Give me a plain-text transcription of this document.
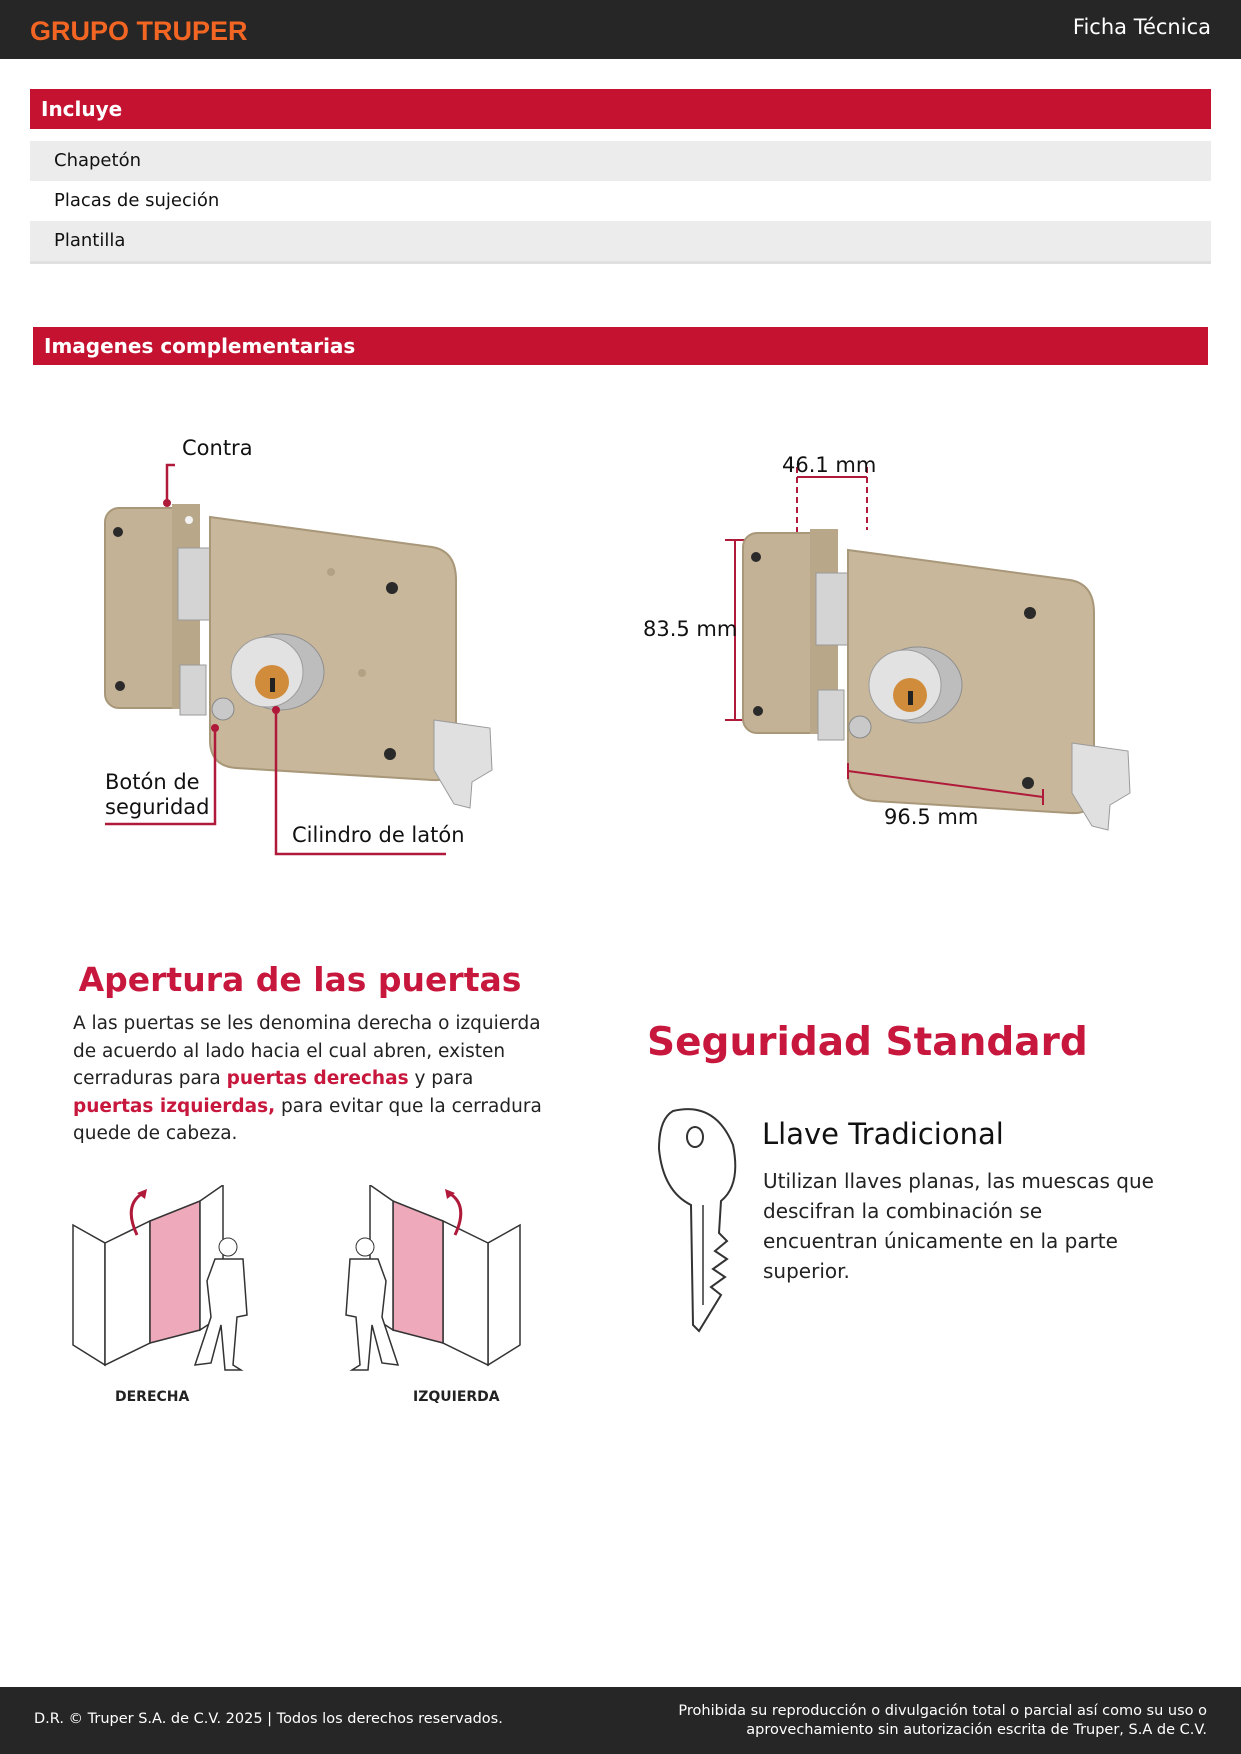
GRUPO TRUPER	Ficha Técnica
Incluye
Chapetón
Placas de sujeción
Plantilla
Imagenes complementarias
Contra
Botón de
seguridad
Cilindro de latón
46.1 mm
83.5 mm
96.5 mm
Apertura de las puertas

A las puertas se les denomina derecha o izquierda de acuerdo al lado hacia el cual abren, existen cerraduras para puertas derechas y para puertas izquierdas, para evitar que la cerradura quede de cabeza.

DERECHA	IZQUIERDA
Seguridad Standard
Llave Tradicional

Utilizan llaves planas, las muescas que descifran la combinación se encuentran únicamente en la parte superior.

D.R. © Truper S.A. de C.V. 2025 | Todos los derechos reservados.	Prohibida su reproducción o divulgación total o parcial así como su uso o
aprovechamiento sin autorización escrita de Truper, S.A de C.V.
